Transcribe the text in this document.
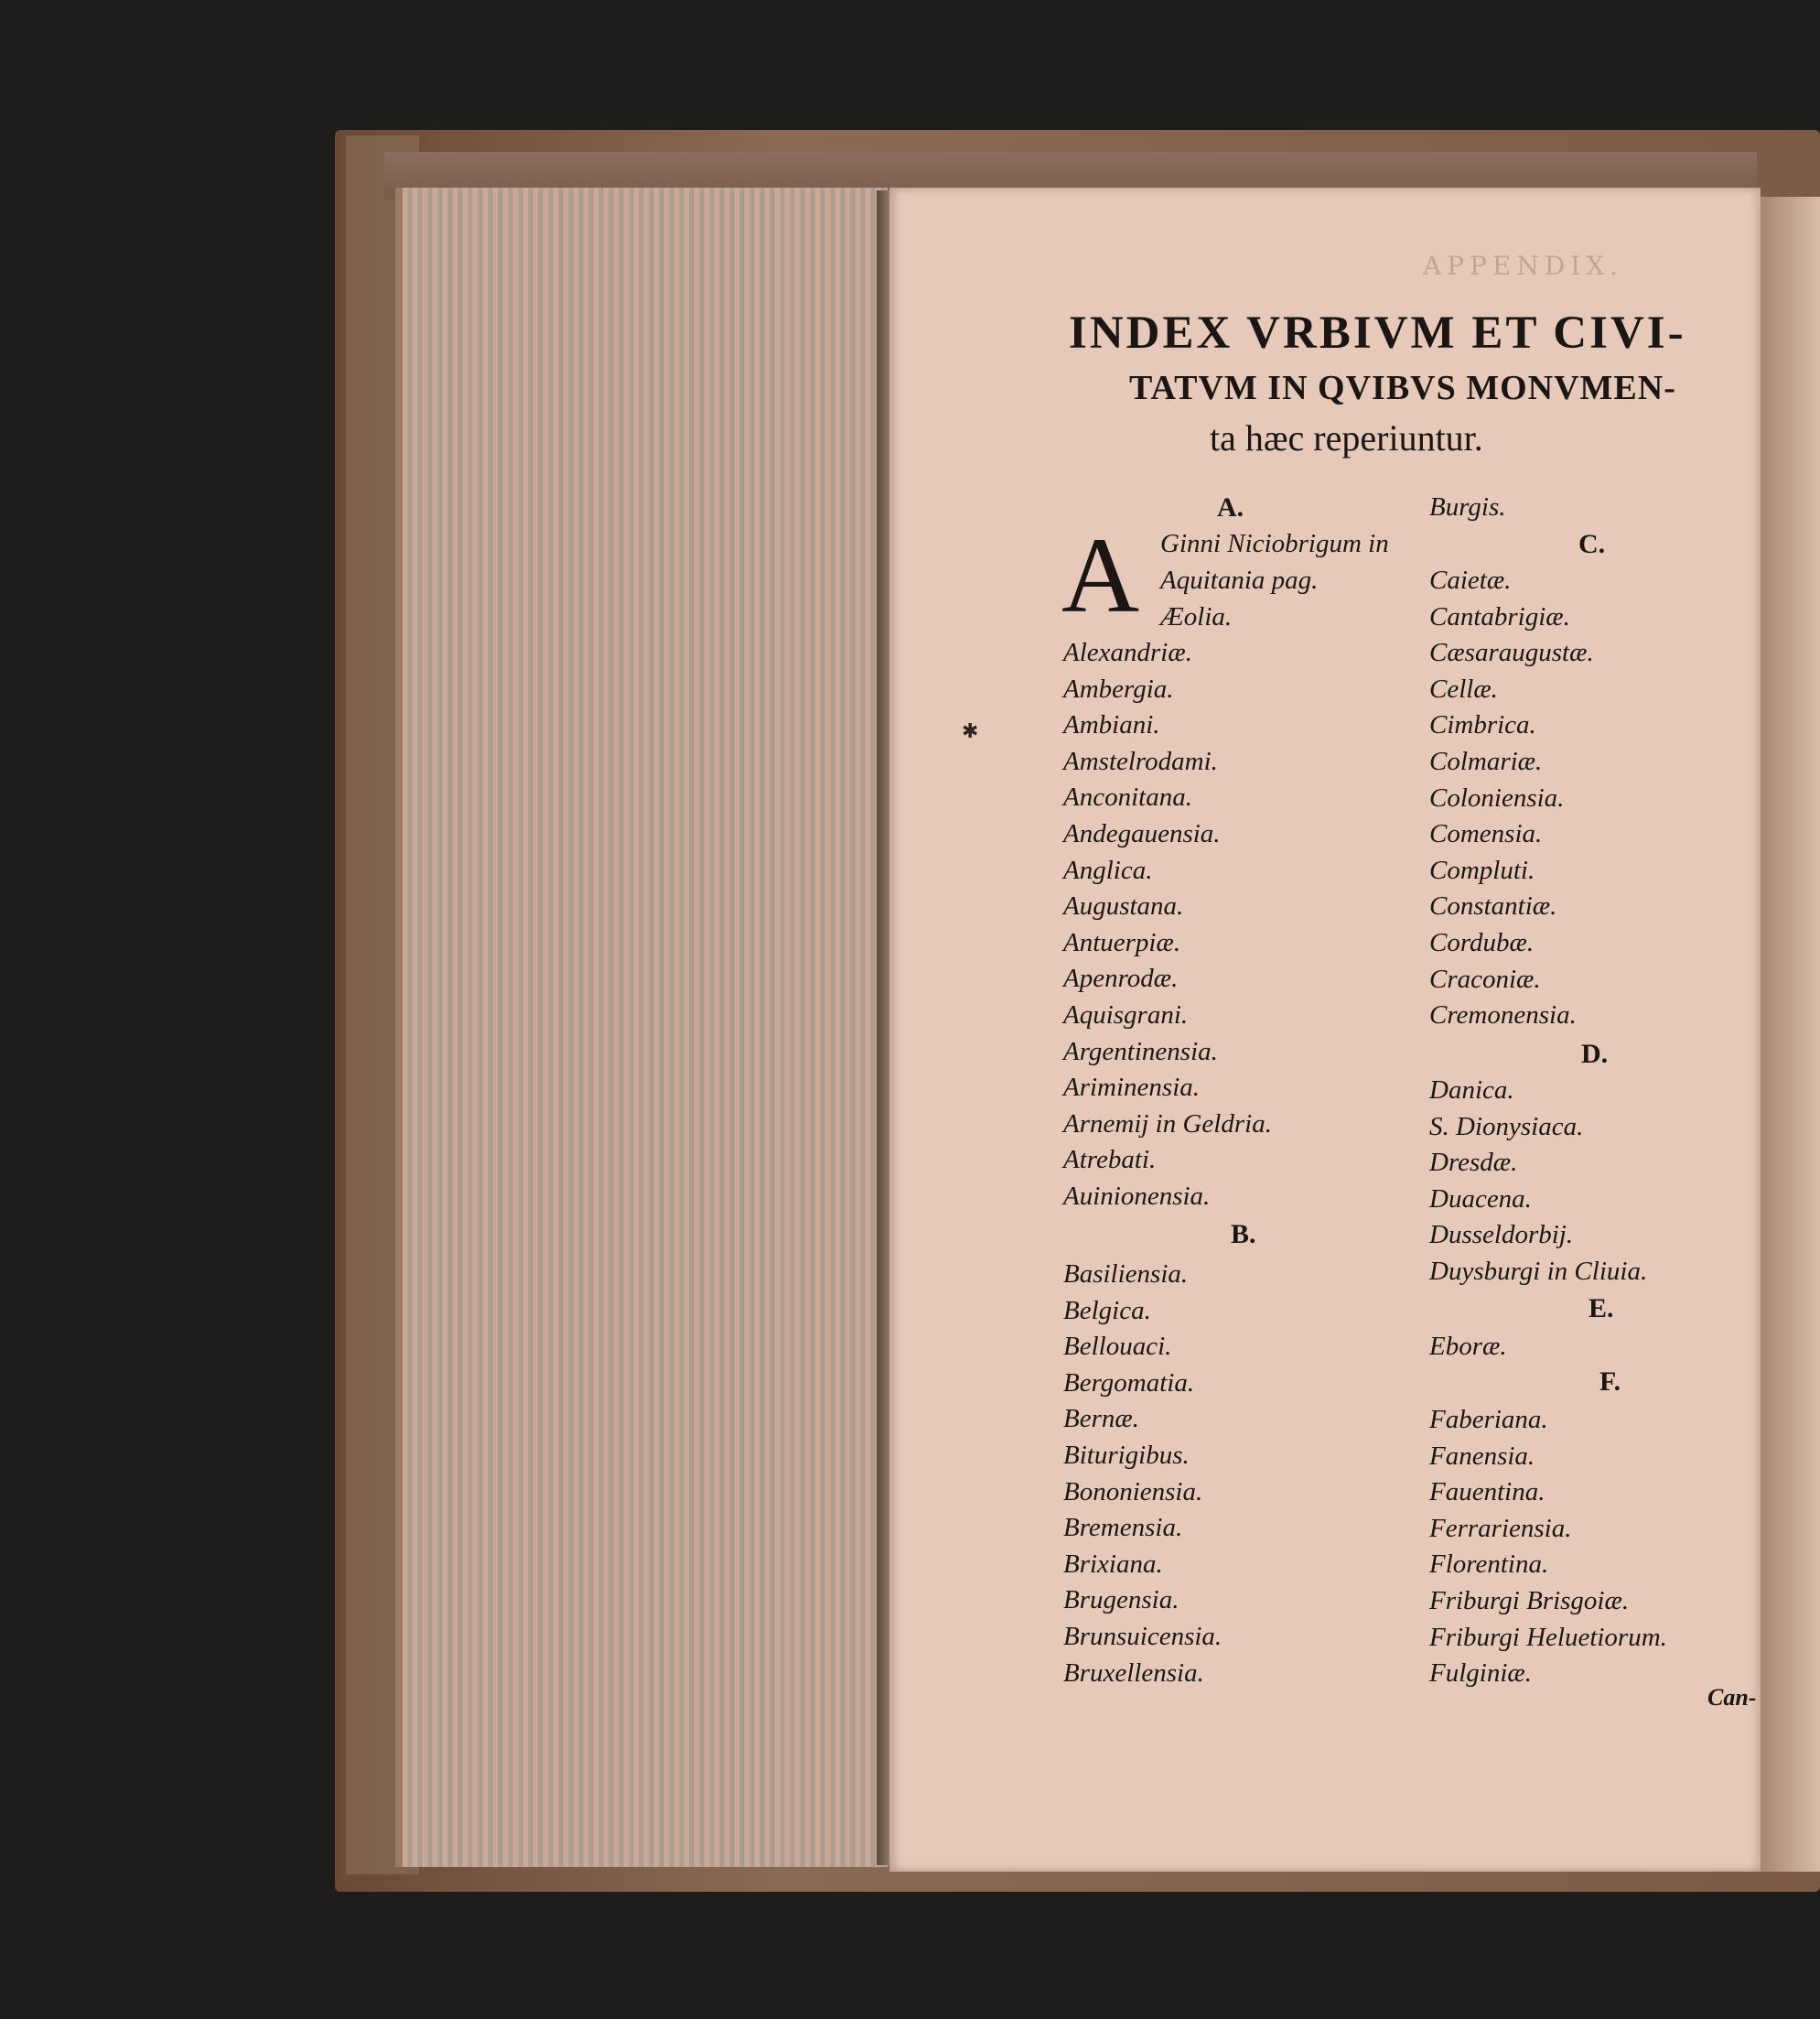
APPENDIX.
INDEX VRBIVM ET CIVI-
TATVM IN QVIBVS MONVMEN-
ta hæc reperiuntur.
✱
A.
B.
C.
D.
E.
F.
A Ginni Niciobrigum in
Aquitania pag.
Æolia.
Alexandriæ.
Ambergia.
Ambiani.
Amstelrodami.
Anconitana.
Andegauensia.
Anglica.
Augustana.
Antuerpiæ.
Apenrodæ.
Aquisgrani.
Argentinensia.
Ariminensia.
Arnemij in Geldria.
Atrebati.
Auinionensia.
Basiliensia.
Belgica.
Bellouaci.
Bergomatia.
Bernæ.
Biturigibus.
Bononiensia.
Bremensia.
Brixiana.
Brugensia.
Brunsuicensia.
Bruxellensia.
Burgis.
Caietæ.
Cantabrigiæ.
Cæsaraugustæ.
Cellæ.
Cimbrica.
Colmariæ.
Coloniensia.
Comensia.
Compluti.
Constantiæ.
Cordubæ.
Craconiæ.
Cremonensia.
Danica.
S. Dionysiaca.
Dresdæ.
Duacena.
Dusseldorbij.
Duysburgi in Cliuia.
Eboræ.
Faberiana.
Fanensia.
Fauentina.
Ferrariensia.
Florentina.
Friburgi Brisgoiæ.
Friburgi Heluetiorum.
Fulginiæ.
Can-
